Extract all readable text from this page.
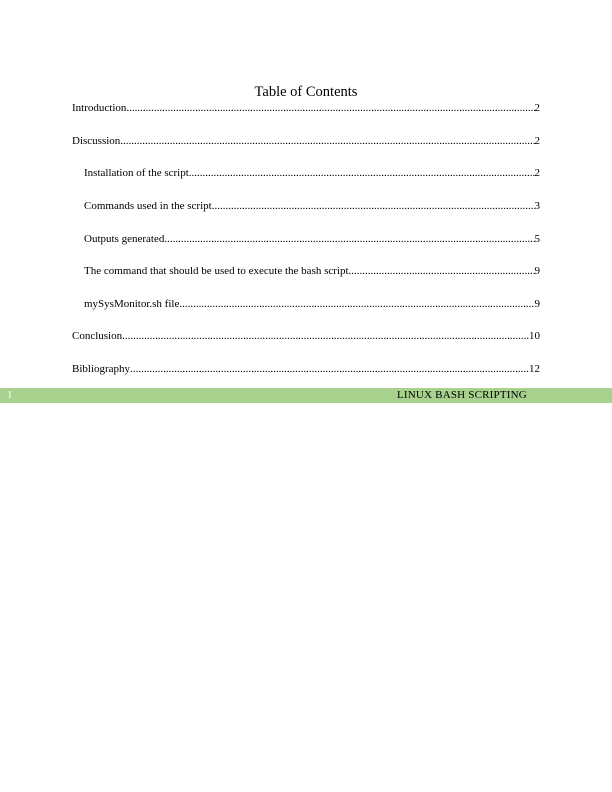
Table of Contents
Introduction .....	2
Discussion .....	2
Installation of the script .....	2
Commands used in the script .....	3
Outputs generated .....	5
The command that should be used to execute the bash script .....	9
mySysMonitor.sh file .....	9
Conclusion .....	10
Bibliography .....	12
1	LINUX BASH SCRIPTING
